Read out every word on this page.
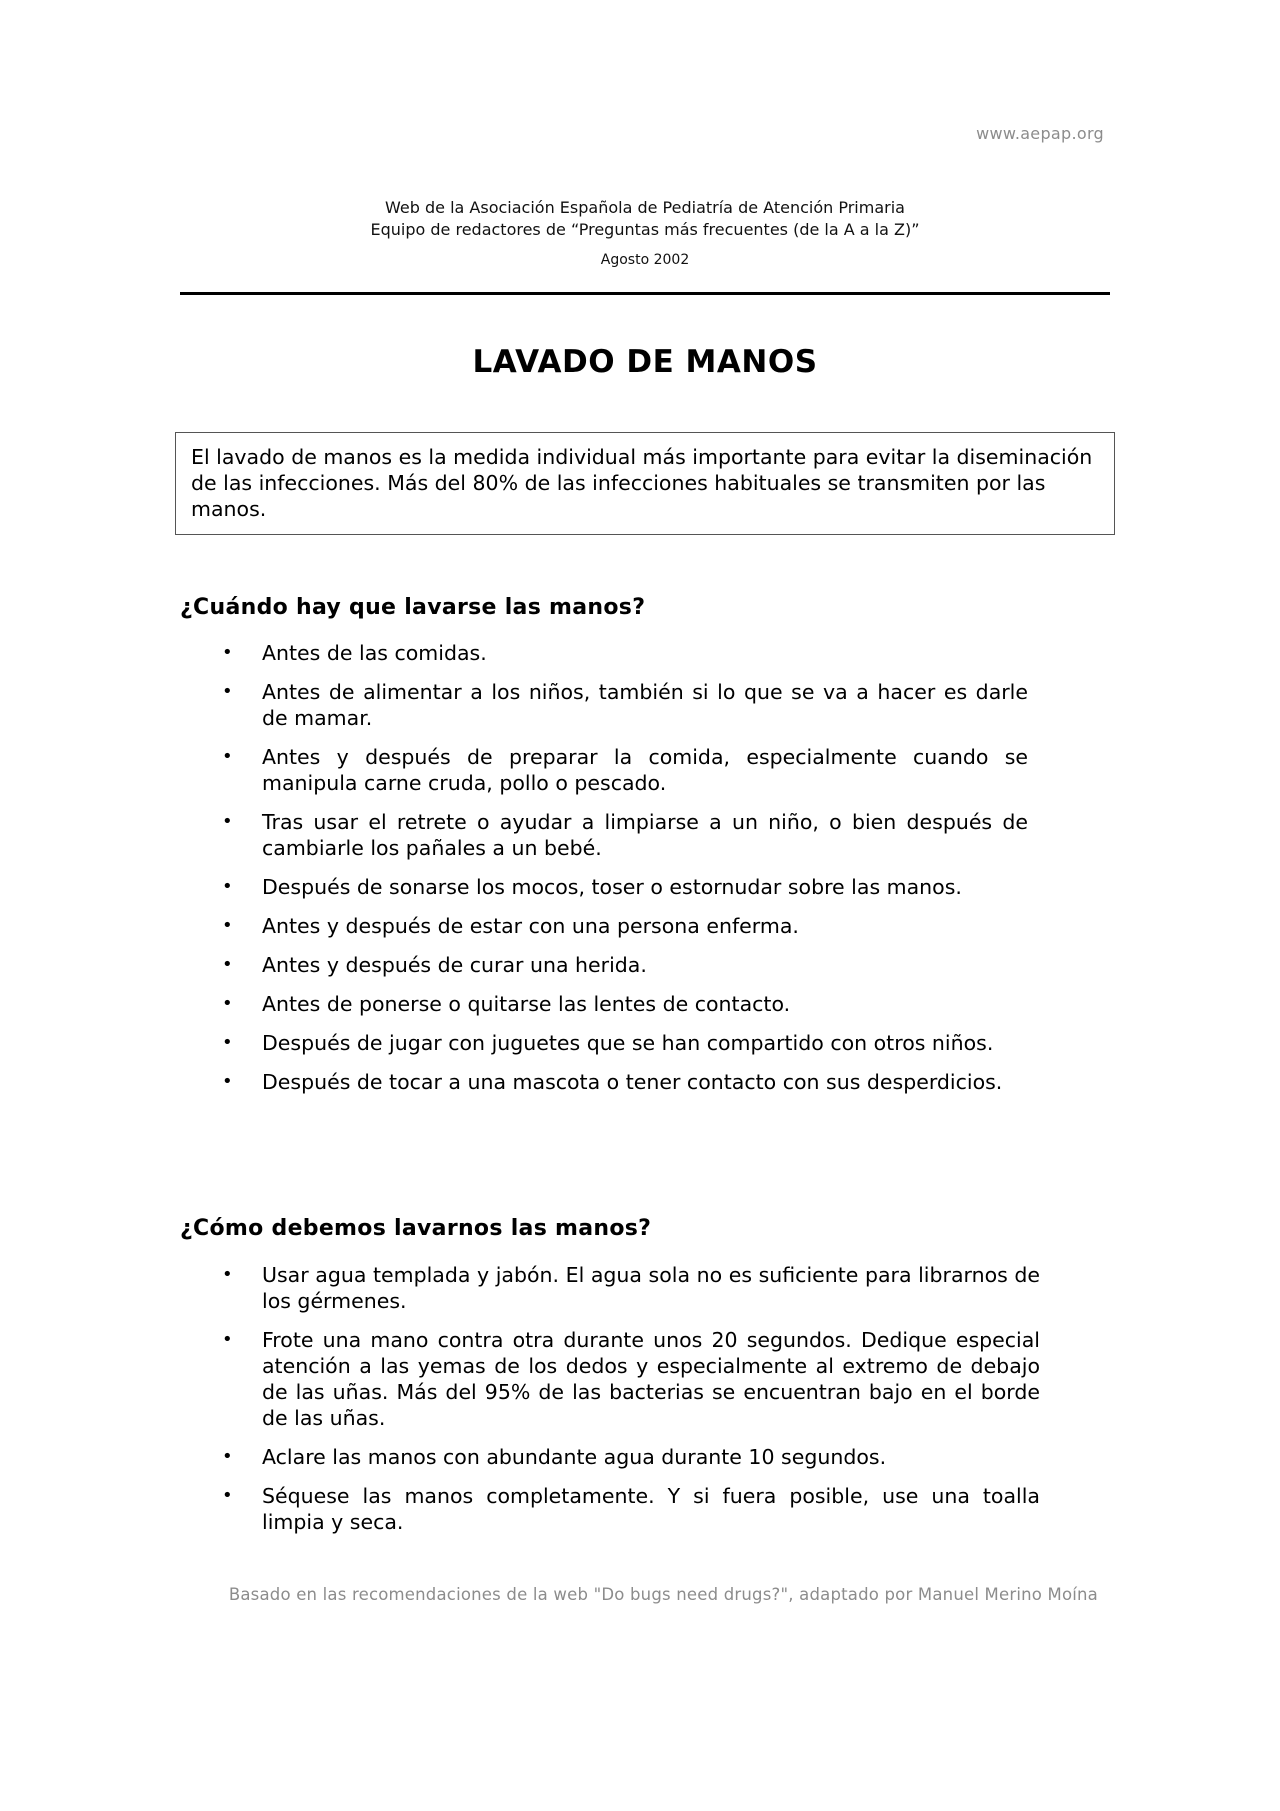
www.aepap.org
Web de la Asociación Española de Pediatría de Atención Primaria
Equipo de redactores de “Preguntas más frecuentes (de la A a la Z)”
Agosto 2002
LAVADO DE MANOS
El lavado de manos es la medida individual más importante para evitar la diseminación de las infecciones. Más del 80% de las infecciones habituales se transmiten por las manos.
¿Cuándo hay que lavarse las manos?
• Antes de las comidas.
• Antes de alimentar a los niños, también si lo que se va a hacer es darle de mamar.
• Antes y después de preparar la comida, especialmente cuando se manipula carne cruda, pollo o pescado.
• Tras usar el retrete o ayudar a limpiarse a un niño, o bien después de cambiarle los pañales a un bebé.
• Después de sonarse los mocos, toser o estornudar sobre las manos.
• Antes y después de estar con una persona enferma.
• Antes y después de curar una herida.
• Antes de ponerse o quitarse las lentes de contacto.
• Después de jugar con juguetes que se han compartido con otros niños.
• Después de tocar a una mascota o tener contacto con sus desperdicios.
¿Cómo debemos lavarnos las manos?
• Usar agua templada y jabón. El agua sola no es suficiente para librarnos de los gérmenes.
• Frote una mano contra otra durante unos 20 segundos. Dedique especial atención a las yemas de los dedos y especialmente al extremo de debajo de las uñas. Más del 95% de las bacterias se encuentran bajo en el borde de las uñas.
• Aclare las manos con abundante agua durante 10 segundos.
• Séquese las manos completamente. Y si fuera posible, use una toalla limpia y seca.
Basado en las recomendaciones de la web "Do bugs need drugs?", adaptado por Manuel Merino Moína
